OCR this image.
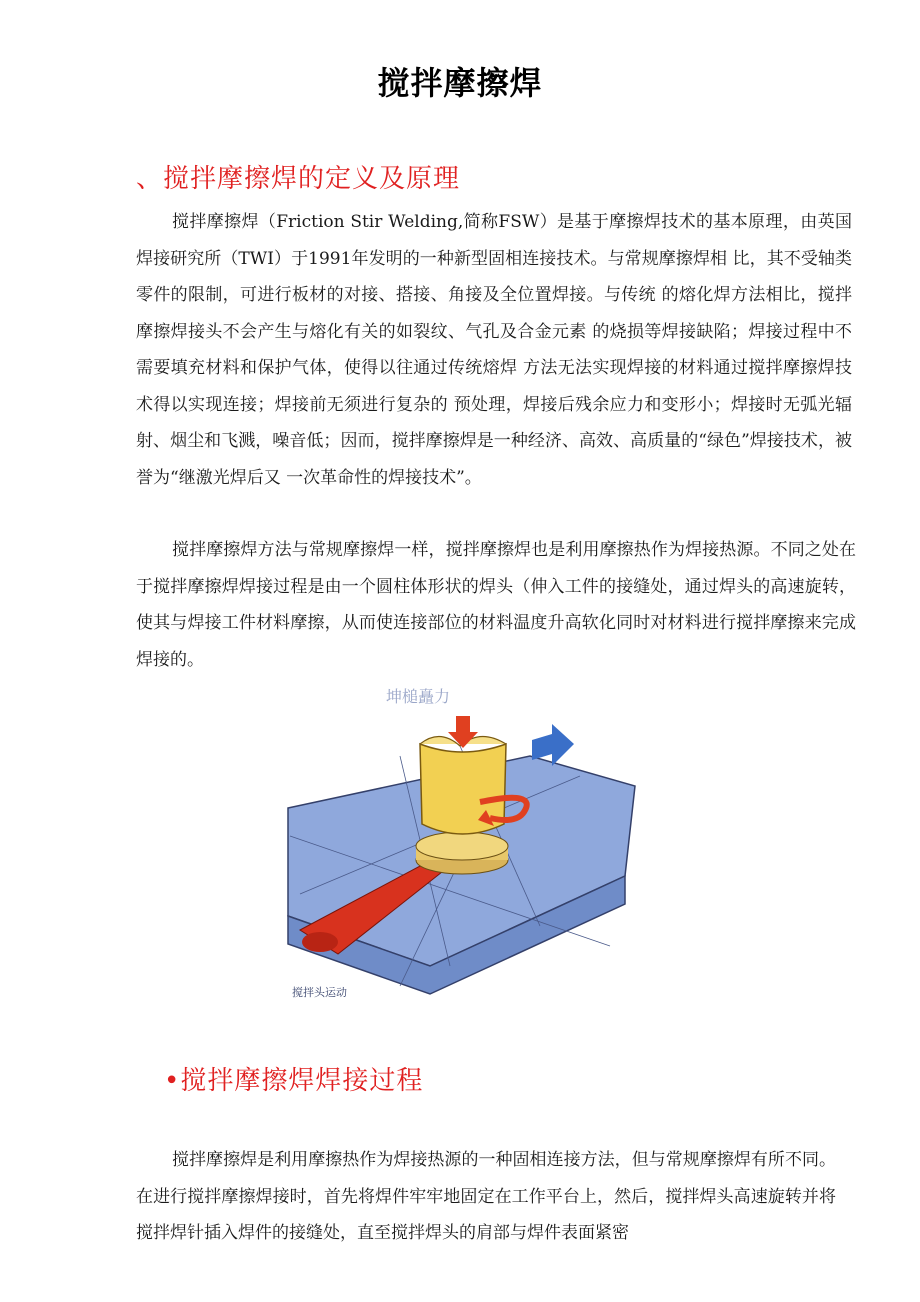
搅拌摩擦焊
、搅拌摩擦焊的定义及原理
搅拌摩擦焊（Friction Stir Welding,简称FSW）是基于摩擦焊技术的基本原理，由英国焊接研究所（TWI）于1991年发明的一种新型固相连接技术。与常规摩擦焊相 比，其不受轴类零件的限制，可进行板材的对接、搭接、角接及全位置焊接。与传统 的熔化焊方法相比，搅拌摩擦焊接头不会产生与熔化有关的如裂纹、气孔及合金元素 的烧损等焊接缺陷；焊接过程中不需要填充材料和保护气体，使得以往通过传统熔焊 方法无法实现焊接的材料通过搅拌摩擦焊技术得以实现连接；焊接前无须进行复杂的 预处理，焊接后残余应力和变形小；焊接时无弧光辐射、烟尘和飞溅，噪音低；因而，搅拌摩擦焊是一种经济、高效、高质量的“绿色”焊接技术，被誉为“继激光焊后又 一次革命性的焊接技术”。
搅拌摩擦焊方法与常规摩擦焊一样，搅拌摩擦焊也是利用摩擦热作为焊接热源。不同之处在于搅拌摩擦焊焊接过程是由一个圆柱体形状的焊头（伸入工件的接缝处，通过焊头的高速旋转，使其与焊接工件材料摩擦，从而使连接部位的材料温度升高软化同时对材料进行搅拌摩擦来完成焊接的。
坤槌矗力
焊缝
搅拌头运动
•搅拌摩擦焊焊接过程
搅拌摩擦焊是利用摩擦热作为焊接热源的一种固相连接方法，但与常规摩擦焊有所不同。在进行搅拌摩擦焊接时，首先将焊件牢牢地固定在工作平台上，然后，搅拌焊头高速旋转并将搅拌焊针插入焊件的接缝处，直至搅拌焊头的肩部与焊件表面紧密
